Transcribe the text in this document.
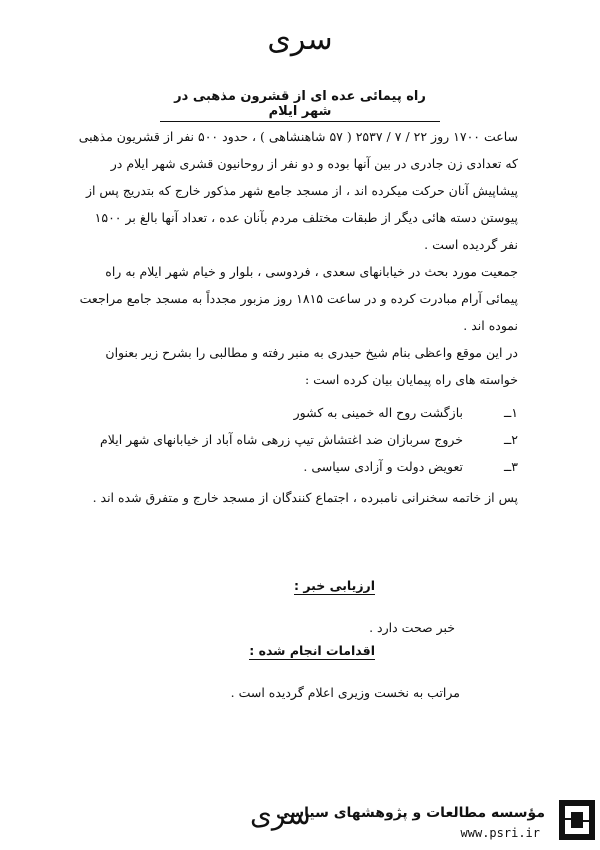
سری
راه پیمائی عده ای از قشرون مذهبی در شهر ایلام

ساعت ۱۷۰۰ روز ۲۲ / ۷ / ۲۵۳۷ ( ۵۷ شاهنشاهی ) ، حدود ۵۰۰ نفر از قشریون مذهبی که تعدادی زن جادری در بین آنها بوده و دو نفر از روحانیون قشری شهر ایلام در پیشاپیش آنان حرکت میکرده اند ، از مسجد جامع شهر مذکور خارج که بتدریج پس از پیوستن دسته هائی دیگر از طبقات مختلف مردم بآنان عده ، تعداد آنها بالغ بر ۱۵۰۰ نفر گردیده است .

جمعیت مورد بحث در خیابانهای سعدی ، فردوسی ، بلوار و خیام شهر ایلام به راه پیمائی آرام مبادرت کرده و در ساعت ۱۸۱۵ روز مزبور مجدداً به مسجد جامع مراجعت نموده اند .

در این موقع واعظی بنام شیخ حیدری به منبر رفته و مطالبی را بشرح زیر بعنوان خواسته های راه پیمایان بیان کرده است :

۱ــ
بازگشت روح اله خمینی به کشور
۲ــ
خروج سربازان ضد اغتشاش تیپ زرهی شاه آباد از خیابانهای شهر ایلام
۳ــ
تعویض دولت و آزادی سیاسی .

پس از خاتمه سخنرانی نامبرده ، اجتماع کنندگان از مسجد خارج و متفرق شده اند .

ارزیابی خبر :
خبر صحت دارد .
اقدامات انجام شده :
مراتب به نخست وزیری اعلام گردیده است .
سری
مؤسسه مطالعات و پژوهشهای سیاسی
www.psri.ir
